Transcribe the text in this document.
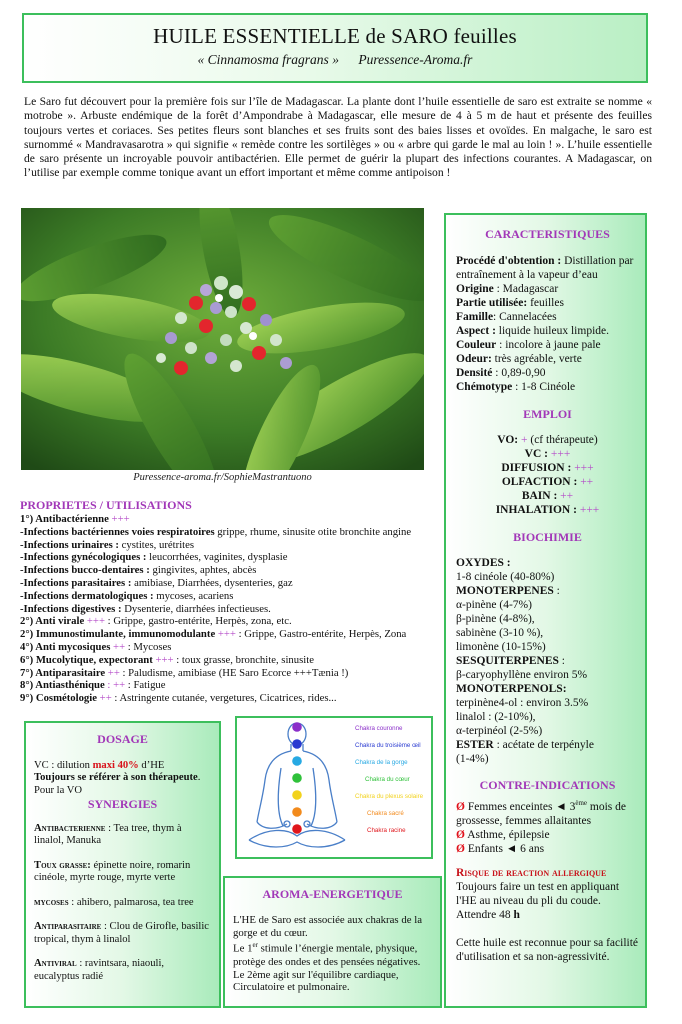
HUILE ESSENTIELLE de SARO feuilles
« Cinnamosma fragrans » Puressence-Aroma.fr
Le Saro fut découvert pour la première fois sur l’île de Madagascar. La plante dont l’huile essentielle de saro est extraite se nomme « motrobe ». Arbuste endémique de la forêt d’Ampondrabe à Madagascar, elle mesure de 4 à 5 m de haut et présente des feuilles toujours vertes et coriaces. Ses petites fleurs sont blanches et ses fruits sont des baies lisses et ovoïdes. En malgache, le saro est surnommé « Mandravasarotra » qui signifie « remède contre les sortilèges » ou « arbre qui garde le mal au loin ! ». L’huile essentielle de saro présente un incroyable pouvoir antibactérien. Elle permet de guérir la plupart des infections courantes. A Madagascar, on l’utilise par exemple comme tonique avant un effort important et même comme antipoison !
Puressence-aroma.fr/SophieMastrantuono
PROPRIETES / UTILISATIONS
1°) Antibactérienne +++
-Infections bactériennes voies respiratoires grippe, rhume, sinusite otite bronchite angine
-Infections urinaires : cystites, urétrites
-Infections gynécologiques : leucorrhées, vaginites, dysplasie
-Infections bucco-dentaires : gingivites, aphtes, abcès
-Infections parasitaires : amibiase, Diarrhées, dysenteries, gaz
-Infections dermatologiques : mycoses, acariens
-Infections digestives : Dysenterie, diarrhées infectieuses.
2°) Anti virale +++ : Grippe, gastro-entérite, Herpès, zona, etc.
2°) Immunostimulante, immunomodulante +++ : Grippe, Gastro-entérite, Herpès, Zona
4°) Anti mycosiques ++ : Mycoses
6°) Mucolytique, expectorant +++ : toux grasse, bronchite, sinusite
7°) Antiparasitaire ++ : Paludisme, amibiase (HE Saro Ecorce +++Tænia !)
8°) Antiasthénique : ++ : Fatigue
9°) Cosmétologie ++ : Astringente cutanée, vergetures, Cicatrices, rides...
CARACTERISTIQUES
Procédé d'obtention : Distillation par entraînement à la vapeur d’eau
Origine : Madagascar
Partie utilisée: feuilles
Famille: Cannelacées
Aspect : liquide huileux limpide.
Couleur : incolore à jaune pale
Odeur: très agréable, verte
Densité : 0,89-0,90
Chémotype : 1-8 Cinéole
EMPLOI
VO: + (cf thérapeute)
VC : +++
DIFFUSION : +++
OLFACTION : ++
BAIN : ++
INHALATION : +++
BIOCHIMIE
OXYDES :
1-8 cinéole (40-80%)
MONOTERPENES :
α-pinène (4-7%)
β-pinène (4-8%),
sabinène (3-10 %),
limonène (10-15%)
SESQUITERPENES :
β-caryophyllène environ 5%
MONOTERPENOLS:
terpinène4-ol : environ 3.5%
linalol : (2-10%),
α-terpinéol (2-5%)
ESTER : acétate de terpényle
(1-4%)
CONTRE-INDICATIONS
Ø Femmes enceintes ◄ 3ème mois de grossesse, femmes allaitantes
Ø Asthme, épilepsie
Ø Enfants ◄ 6 ans
Risque de reaction allergique
Toujours faire un test en appliquant l'HE au niveau du pli du coude. Attendre 48 h
Cette huile est reconnue pour sa facilité d'utilisation et sa non-agressivité.
DOSAGE
VC : dilution maxi 40% d’HE
Toujours se référer à son thérapeute.
Pour la VO
SYNERGIES
Antibacterienne : Tea tree, thym à linalol, Manuka
Toux grasse: épinette noire, romarin cinéole, myrte rouge, myrte verte
mycoses : ahibero, palmarosa, tea tree
Antiparasitaire : Clou de Girofle, basilic tropical, thym à linalol
Antiviral : ravintsara, niaouli, eucalyptus radié
Chakra couronne
Chakra du troisième œil
Chakra de la gorge
Chakra du cœur
Chakra du plexus solaire
Chakra sacré
Chakra racine
AROMA-ENERGETIQUE
L'HE de Saro est associée aux chakras de la gorge et du cœur.
Le 1er stimule l’énergie mentale, physique, protège des ondes et des pensées négatives.
Le 2ème agit sur l'équilibre cardiaque, Circulatoire et pulmonaire.
